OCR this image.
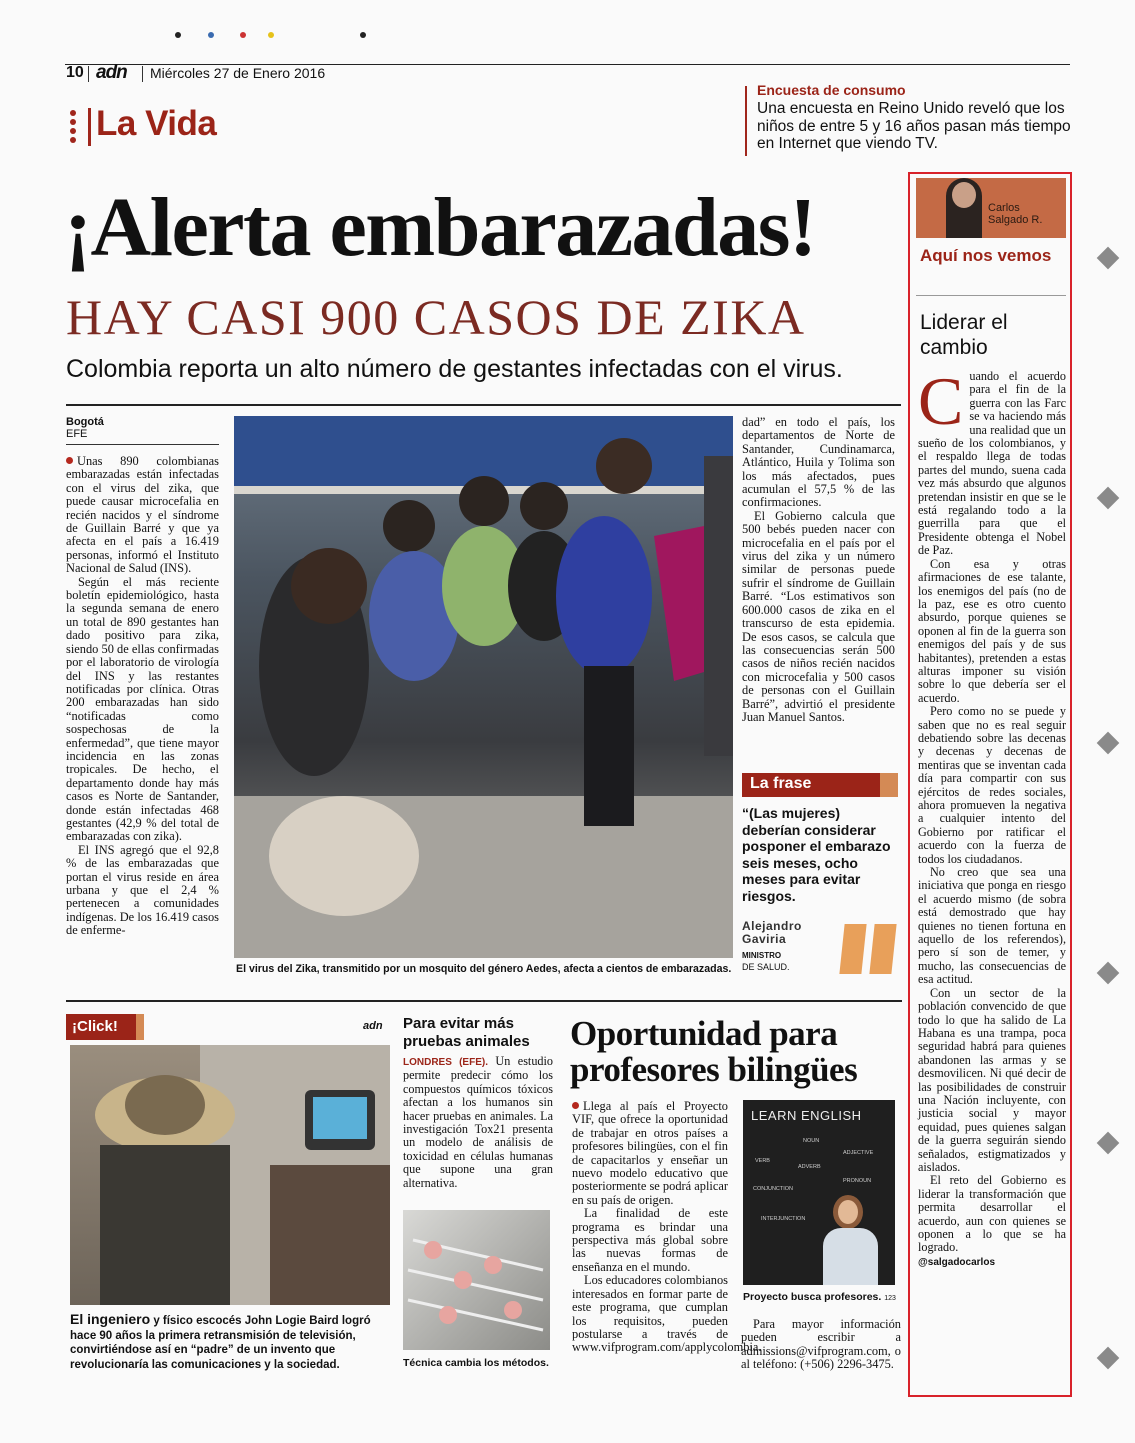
10 adn Miércoles 27 de Enero 2016
La Vida
Encuesta de consumo
Una encuesta en Reino Unido reveló que los niños de entre 5 y 16 años pasan más tiempo en Internet que viendo TV.
¡Alerta embarazadas!
HAY CASI 900 CASOS DE ZIKA
Colombia reporta un alto número de gestantes infectadas con el virus.
Bogotá
EFE

Unas 890 colombianas embarazadas están infectadas con el virus del zika, que puede causar microcefalia en recién nacidos y el síndrome de Guillain Barré y que ya afecta en el país a 16.419 personas, informó el Instituto Nacional de Salud (INS).

Según el más reciente boletín epidemiológico, hasta la segunda semana de enero un total de 890 gestantes han dado positivo para zika, siendo 50 de ellas confirmadas por el laboratorio de virología del INS y las restantes notificadas por clínica. Otras 200 embarazadas han sido “notificadas como sospechosas de la enfermedad”, que tiene mayor incidencia en las zonas tropicales. De hecho, el departamento donde hay más casos es Norte de Santander, donde están infectadas 468 gestantes (42,9 % del total de embarazadas con zika).

El INS agregó que el 92,8 % de las embarazadas que portan el virus reside en área urbana y que el 2,4 % pertenecen a comunidades indígenas. De los 16.419 casos de enferme-

El virus del Zika, transmitido por un mosquito del género Aedes, afecta a cientos de embarazadas.

dad” en todo el país, los departamentos de Norte de Santander, Cundinamarca, Atlántico, Huila y Tolima son los más afectados, pues acumulan el 57,5 % de las confirmaciones.

El Gobierno calcula que 500 bebés pueden nacer con microcefalia en el país por el virus del zika y un número similar de personas puede sufrir el síndrome de Guillain Barré. “Los estimativos son 600.000 casos de zika en el transcurso de esta epidemia. De esos casos, se calcula que las consecuencias serán 500 casos de niños recién nacidos con microcefalia y 500 casos de personas con el Guillain Barré”, advirtió el presidente Juan Manuel Santos.

La frase
“(Las mujeres) deberían considerar posponer el embarazo seis meses, ocho meses para evitar riesgos.
Alejandro Gaviria
MINISTRO
DE SALUD.
Carlos
Salgado R.
Aquí nos vemos
Liderar el cambio

Cuando el acuerdo para el fin de la guerra con las Farc se va haciendo más una realidad que un sueño de los colombianos, y el respaldo llega de todas partes del mundo, suena cada vez más absurdo que algunos pretendan insistir en que se le está regalando todo a la guerrilla para que el Presidente obtenga el Nobel de Paz.

Con esa y otras afirmaciones de ese talante, los enemigos del país (no de la paz, ese es otro cuento absurdo, porque quienes se oponen al fin de la guerra son enemigos del país y de sus habitantes), pretenden a estas alturas imponer su visión sobre lo que debería ser el acuerdo.

Pero como no se puede y saben que no es real seguir debatiendo sobre las decenas y decenas y decenas de mentiras que se inventan cada día para compartir con sus ejércitos de redes sociales, ahora promueven la negativa a cualquier intento del Gobierno por ratificar el acuerdo con la fuerza de todos los ciudadanos.

No creo que sea una iniciativa que ponga en riesgo el acuerdo mismo (de sobra está demostrado que hay quienes no tienen fortuna en aquello de los referendos), pero sí son de temer, y mucho, las consecuencias de esa actitud.

Con un sector de la población convencido de que todo lo que ha salido de La Habana es una trampa, poca seguridad habrá para quienes abandonen las armas y se desmovilicen. Ni qué decir de las posibilidades de construir una Nación incluyente, con justicia social y mayor equidad, pues quienes salgan de la guerra seguirán siendo señalados, estigmatizados y aislados.

El reto del Gobierno es liderar la transformación que permita desarrollar el acuerdo, aun con quienes se oponen a lo que se ha logrado.

@salgadocarlos
¡Click!	adn
El ingeniero y físico escocés John Logie Baird logró hace 90 años la primera retransmisión de televisión, convirtiéndose así en “padre” de un invento que revolucionaría las comunicaciones y la sociedad.
Para evitar más pruebas animales
LONDRES (EFE). Un estudio permite predecir cómo los compuestos químicos tóxicos afectan a los humanos sin hacer pruebas en animales. La investigación Tox21 presenta un modelo de análisis de toxicidad en células humanas que supone una gran alternativa.
Técnica cambia los métodos.
Oportunidad para profesores bilingües

Llega al país el Proyecto VIF, que ofrece la oportunidad de trabajar en otros países a profesores bilingües, con el fin de capacitarlos y enseñar un nuevo modelo educativo que posteriormente se podrá aplicar en su país de origen.

La finalidad de este programa es brindar una perspectiva más global sobre las nuevas formas de enseñanza en el mundo.

Los educadores colombianos interesados en formar parte de este programa, que cumplan los requisitos, pueden postularse a través de www.vifprogram.com/applycolombia.

Para mayor información pueden escribir a admissions@vifprogram.com, o al teléfono: (+506) 2296-3475.
LEARN ENGLISH
NOUN
ADJECTIVE
VERB
ADVERB
CONJUNCTION
PRONOUN
INTERJUNCTION
Proyecto busca profesores. 123
